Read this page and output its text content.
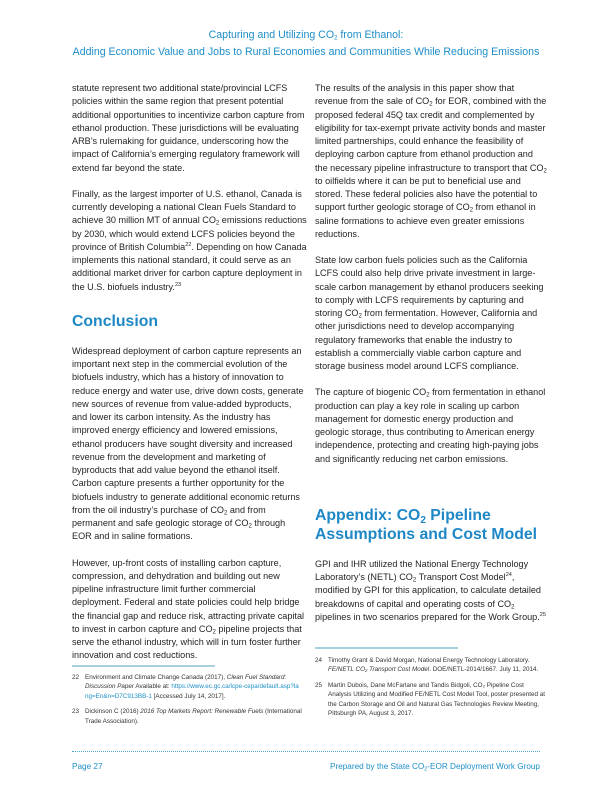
Capturing and Utilizing $CO_2$ from Ethanol:
Adding Economic Value and Jobs to Rural Economies and Communities While Reducing Emissions

statute represent two additional state/provincial LCFS policies within the same region that present potential additional opportunities to incentivize carbon capture from ethanol production. These jurisdictions will be evaluating ARB’s rulemaking for guidance, underscoring how the impact of California’s emerging regulatory framework will extend far beyond the state.

Finally, as the largest importer of U.S. ethanol, Canada is currently developing a national Clean Fuels Standard to achieve 30 million MT of annual $CO_2$ emissions reductions by 2030, which would extend LCFS policies beyond the province of British Columbia$^{22}$. Depending on how Canada implements this national standard, it could serve as an additional market driver for carbon capture deployment in the U.S. biofuels industry.$^{23}$

Conclusion

Widespread deployment of carbon capture represents an important next step in the commercial evolution of the biofuels industry, which has a history of innovation to reduce energy and water use, drive down costs, generate new sources of revenue from value-added byproducts, and lower its carbon intensity. As the industry has improved energy efficiency and lowered emissions, ethanol producers have sought diversity and increased revenue from the development and marketing of byproducts that add value beyond the ethanol itself. Carbon capture presents a further opportunity for the biofuels industry to generate additional economic returns from the oil industry’s purchase of $CO_2$ and from permanent and safe geologic storage of $CO_2$ through EOR and in saline formations.

However, up-front costs of installing carbon capture, compression, and dehydration and building out new pipeline infrastructure limit further commercial deployment. Federal and state policies could help bridge the financial gap and reduce risk, attracting private capital to invest in carbon capture and $CO_2$ pipeline projects that serve the ethanol industry, which will in turn foster further innovation and cost reductions.

The results of the analysis in this paper show that revenue from the sale of $CO_2$ for EOR, combined with the proposed federal 45Q tax credit and complemented by eligibility for tax-exempt private activity bonds and master limited partnerships, could enhance the feasibility of deploying carbon capture from ethanol production and the necessary pipeline infrastructure to transport that $CO_2$ to oilfields where it can be put to beneficial use and stored. These federal policies also have the potential to support further geologic storage of $CO_2$ from ethanol in saline formations to achieve even greater emissions reductions.

State low carbon fuels policies such as the California LCFS could also help drive private investment in large-scale carbon management by ethanol producers seeking to comply with LCFS requirements by capturing and storing $CO_2$ from fermentation. However, California and other jurisdictions need to develop accompanying regulatory frameworks that enable the industry to establish a commercially viable carbon capture and storage business model around LCFS compliance.

The capture of biogenic $CO_2$ from fermentation in ethanol production can play a key role in scaling up carbon management for domestic energy production and geologic storage, thus contributing to American energy independence, protecting and creating high-paying jobs and significantly reducing net carbon emissions.

Appendix: $CO_2$ Pipeline Assumptions and Cost Model

GPI and IHR utilized the National Energy Technology Laboratory’s (NETL) $CO_2$ Transport Cost Model$^{24}$, modified by GPI for this application, to calculate detailed breakdowns of capital and operating costs of $CO_2$ pipelines in two scenarios prepared for the Work Group.$^{25}$

22 Environment and Climate Change Canada (2017), Clean Fuel Standard: Discussion Paper Available at: https://www.ec.gc.ca/lcpe-cepa/default.asp?lang=En&n=D7C913BB-1 [Accessed July 14, 2017].
23 Dickinson C (2016) 2016 Top Markets Report: Renewable Fuels (International Trade Association).
24 Timothy Grant & David Morgan, National Energy Technology Laboratory. FE/NETL CO₂ Transport Cost Model. DOE/NETL-2014/1667. July 11, 2014.
25 Martin Dubois, Dane McFarlane and Tandis Bidgoli, CO₂ Pipeline Cost Analysis Utilizing and Modified FE/NETL Cost Model Tool, poster presented at the Carbon Storage and Oil and Natural Gas Technologies Review Meeting, Pittsburgh PA, August 3, 2017.
Page 27	Prepared by the State $CO_2$-EOR Deployment Work Group
